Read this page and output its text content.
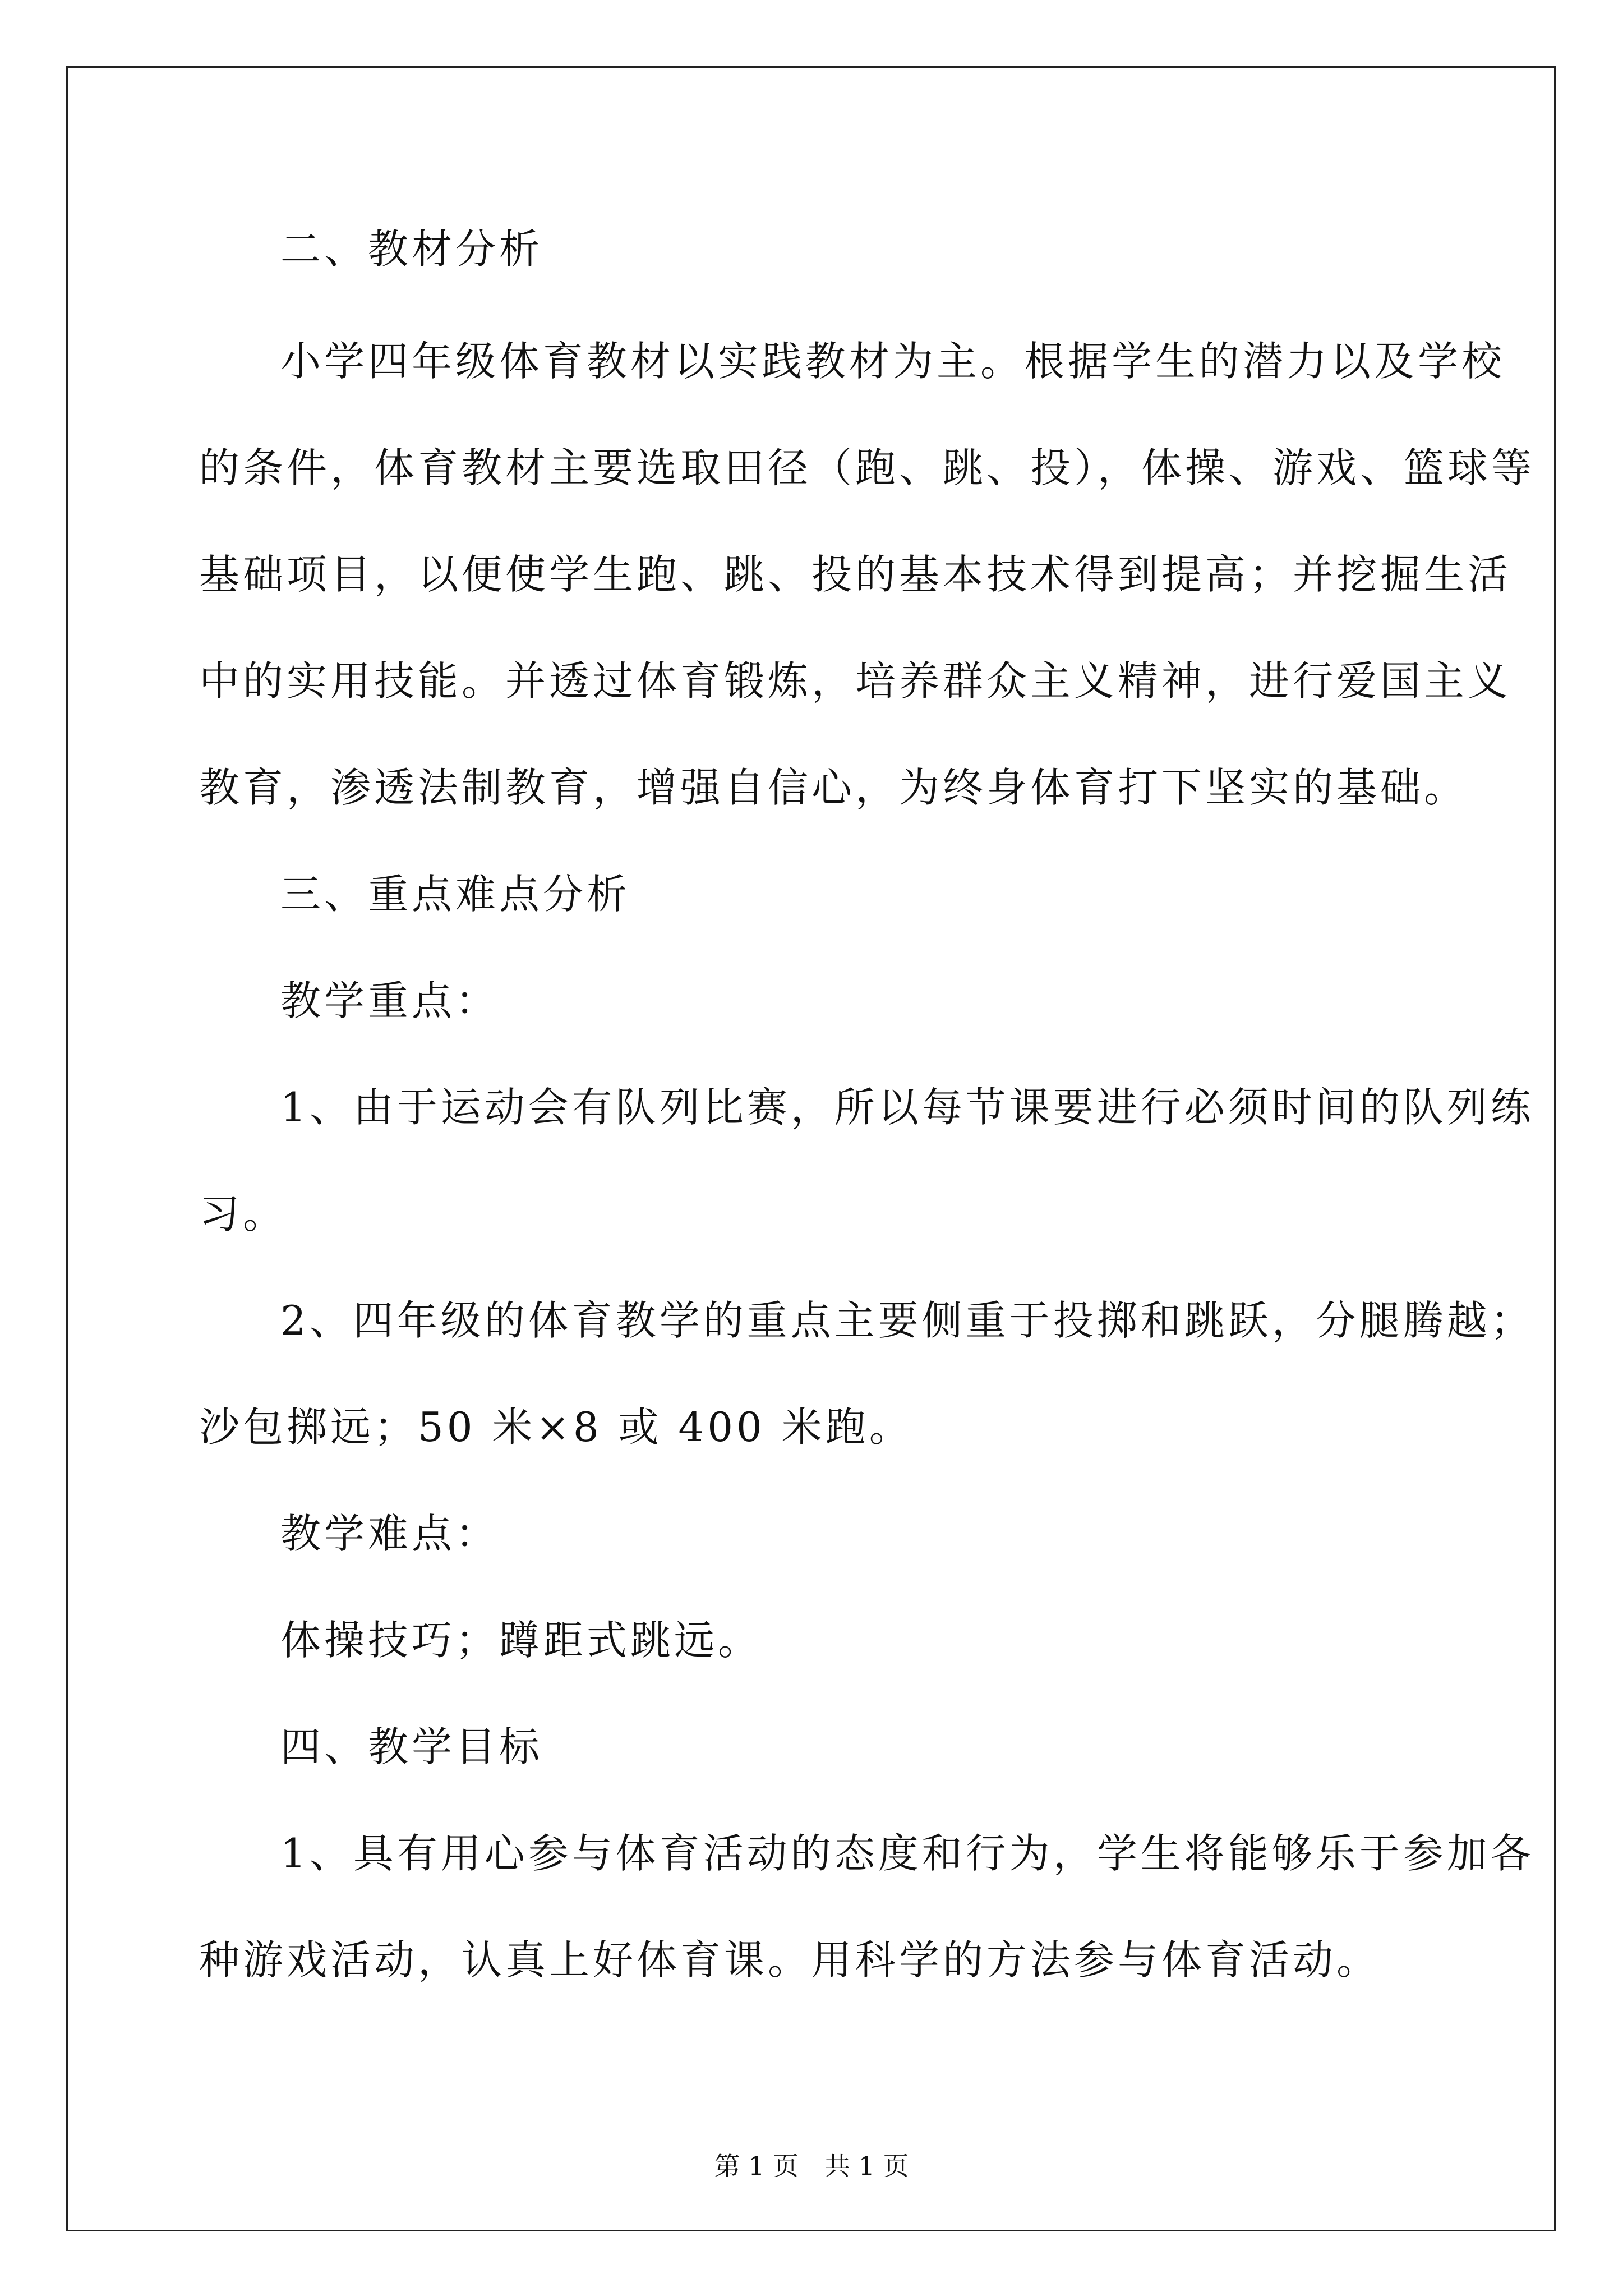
二、教材分析
小学四年级体育教材以实践教材为主。根据学生的潜力以及学校
的条件，体育教材主要选取田径（跑、跳、投），体操、游戏、篮球等
基础项目，以便使学生跑、跳、投的基本技术得到提高；并挖掘生活
中的实用技能。并透过体育锻炼，培养群众主义精神，进行爱国主义
教育，渗透法制教育，增强自信心，为终身体育打下坚实的基础。
三、重点难点分析
教学重点：
1、由于运动会有队列比赛，所以每节课要进行必须时间的队列练
习。
2、四年级的体育教学的重点主要侧重于投掷和跳跃，分腿腾越；
沙包掷远；50 米×8 或 400 米跑。
教学难点：
体操技巧；蹲距式跳远。
四、教学目标
1、具有用心参与体育活动的态度和行为，学生将能够乐于参加各
种游戏活动，认真上好体育课。用科学的方法参与体育活动。
第 1 页　共 1 页
